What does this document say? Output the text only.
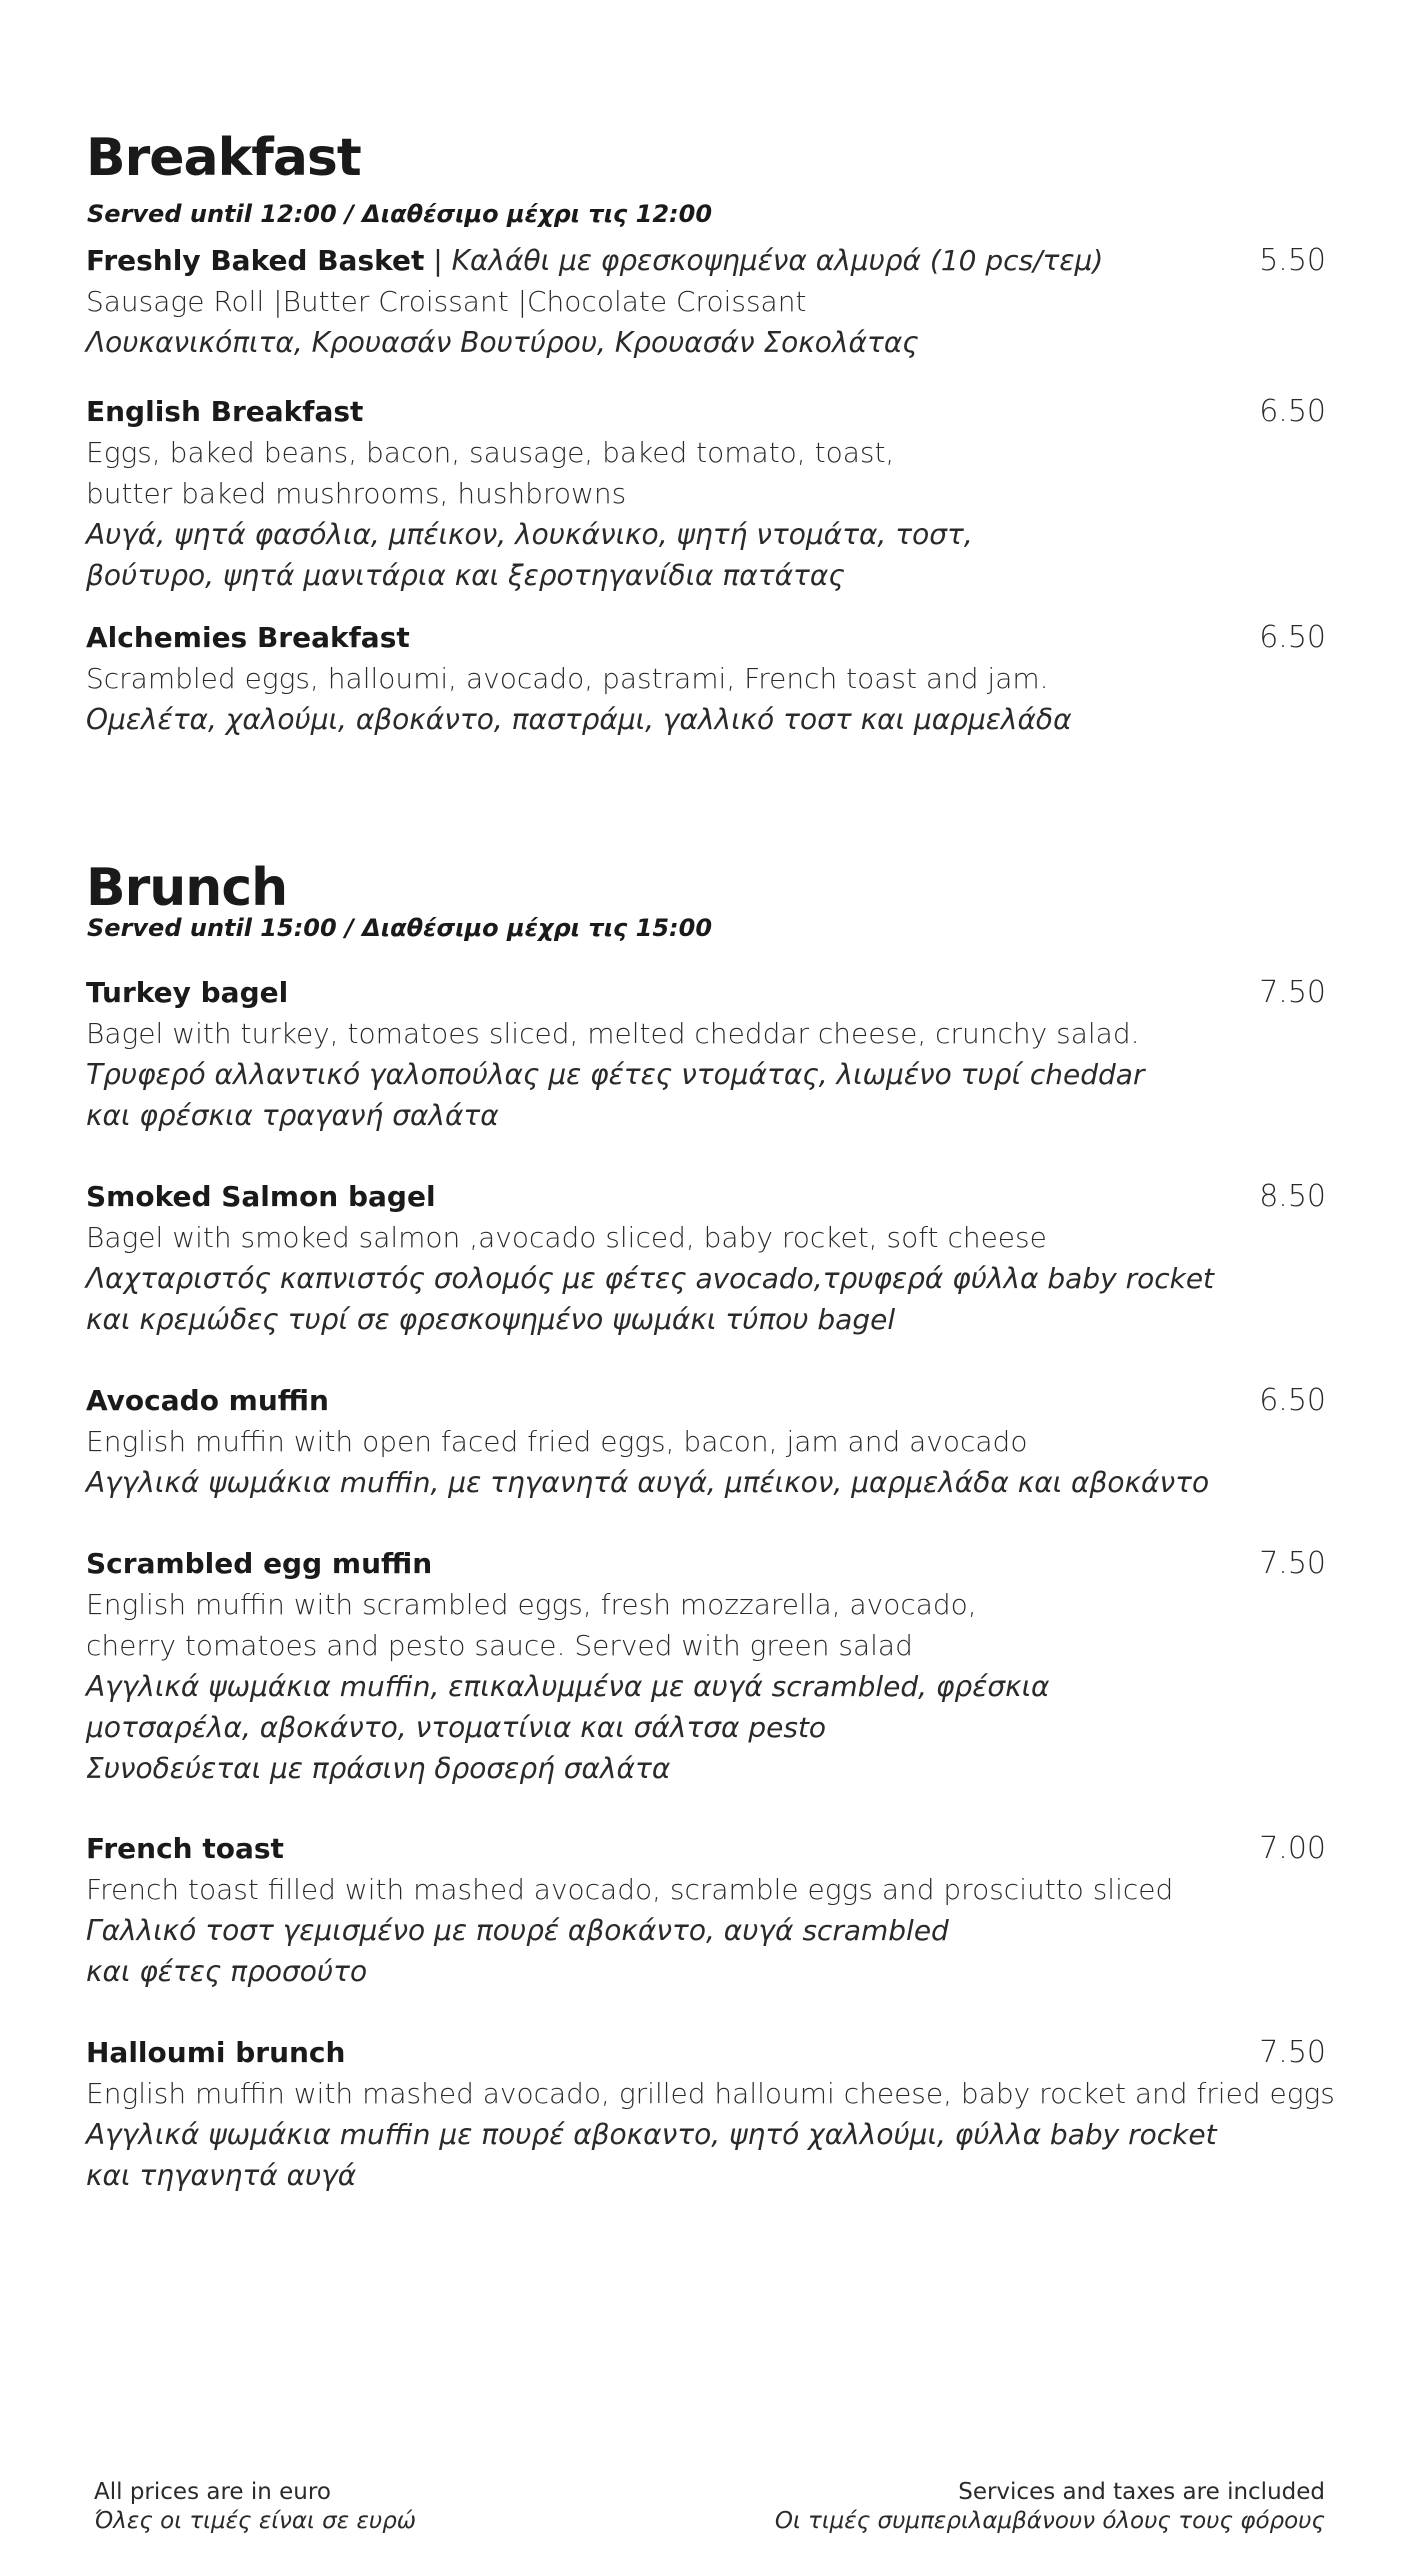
Breakfast

Served until 12:00 / Διαθέσιμο μέχρι τις 12:00

Freshly Baked Basket | Καλάθι με φρεσκοψημένα αλμυρά (10 pcs/τεμ)
Sausage Roll |Butter Croissant |Chocolate Croissant
Λουκανικόπιτα, Κρουασάν Βουτύρου, Κρουασάν Σοκολάτας
5.50
English Breakfast
Eggs, baked beans, bacon, sausage, baked tomato, toast,
butter baked mushrooms, hushbrowns
Αυγά, ψητά φασόλια, μπέικον, λουκάνικο, ψητή ντομάτα, τοστ,
βούτυρο, ψητά μανιτάρια και ξεροτηγανίδια πατάτας
6.50
Alchemies Breakfast
Scrambled eggs, halloumi, avocado, pastrami, French toast and jam.
Ομελέτα, χαλούμι, αβοκάντο, παστράμι, γαλλικό τοστ και μαρμελάδα
6.50
Brunch

Served until 15:00 / Διαθέσιμο μέχρι τις 15:00

Turkey bagel
Bagel with turkey, tomatoes sliced, melted cheddar cheese, crunchy salad.
Τρυφερό αλλαντικό γαλοπούλας με φέτες ντομάτας, λιωμένο τυρί cheddar
και φρέσκια τραγανή σαλάτα
7.50
Smoked Salmon bagel
Bagel with smoked salmon ,avocado sliced, baby rocket, soft cheese
Λαχταριστός καπνιστός σολομός με φέτες avocado,τρυφερά φύλλα baby rocket
και κρεμώδες τυρί σε φρεσκοψημένο ψωμάκι τύπου bagel
8.50
Avocado muffin
English muffin with open faced fried eggs, bacon, jam and avocado
Αγγλικά ψωμάκια muffin, με τηγανητά αυγά, μπέικον, μαρμελάδα και αβοκάντο
6.50
Scrambled egg muffin
English muffin with scrambled eggs, fresh mozzarella, avocado,
cherry tomatoes and pesto sauce. Served with green salad
Αγγλικά ψωμάκια muffin, επικαλυμμένα με αυγά scrambled, φρέσκια
μοτσαρέλα, αβοκάντο, ντοματίνια και σάλτσα pesto
Συνοδεύεται με πράσινη δροσερή σαλάτα
7.50
French toast
French toast filled with mashed avocado, scramble eggs and prosciutto sliced
Γαλλικό τοστ γεμισμένο με πουρέ αβοκάντο, αυγά scrambled
και φέτες προσούτο
7.00
Halloumi brunch
English muffin with mashed avocado, grilled halloumi cheese, baby rocket and fried eggs
Αγγλικά ψωμάκια muffin με πουρέ αβοκαντο, ψητό χαλλούμι, φύλλα baby rocket
και τηγανητά αυγά
7.50
All prices are in euro
Όλες οι τιμές είναι σε ευρώ
Services and taxes are included
Οι τιμές συμπεριλαμβάνουν όλους τους φόρους
